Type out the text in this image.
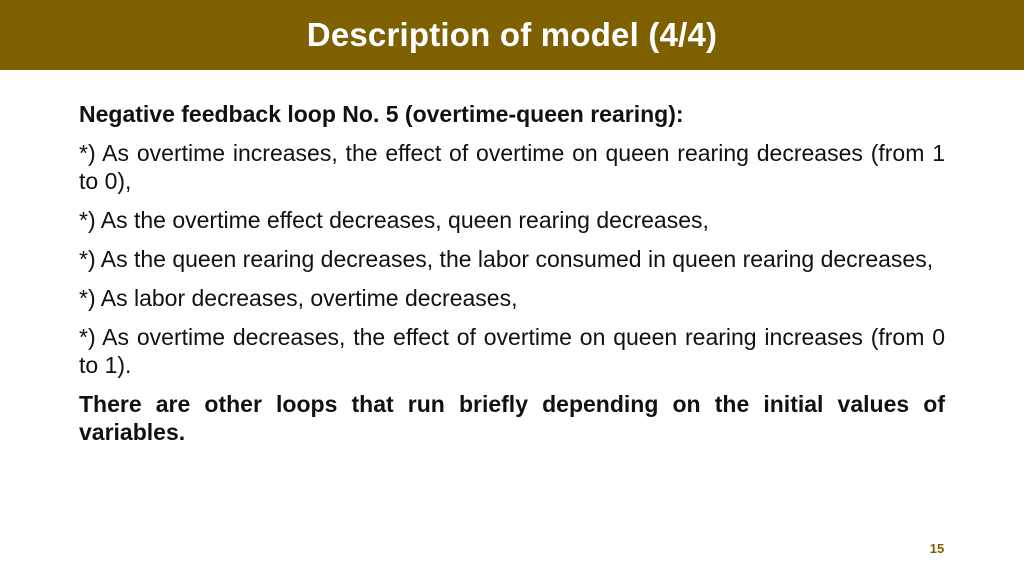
Description of model (4/4)

Negative feedback loop No. 5 (overtime-queen rearing):

*) As overtime increases, the effect of overtime on queen rearing decreases (from 1 to 0),

*) As the overtime effect decreases, queen rearing decreases,

*) As the queen rearing decreases, the labor consumed in queen rearing decreases,

*) As labor decreases, overtime decreases,

*) As overtime decreases, the effect of overtime on queen rearing increases (from 0 to 1).

There are other loops that run briefly depending on the initial values of variables.

15
